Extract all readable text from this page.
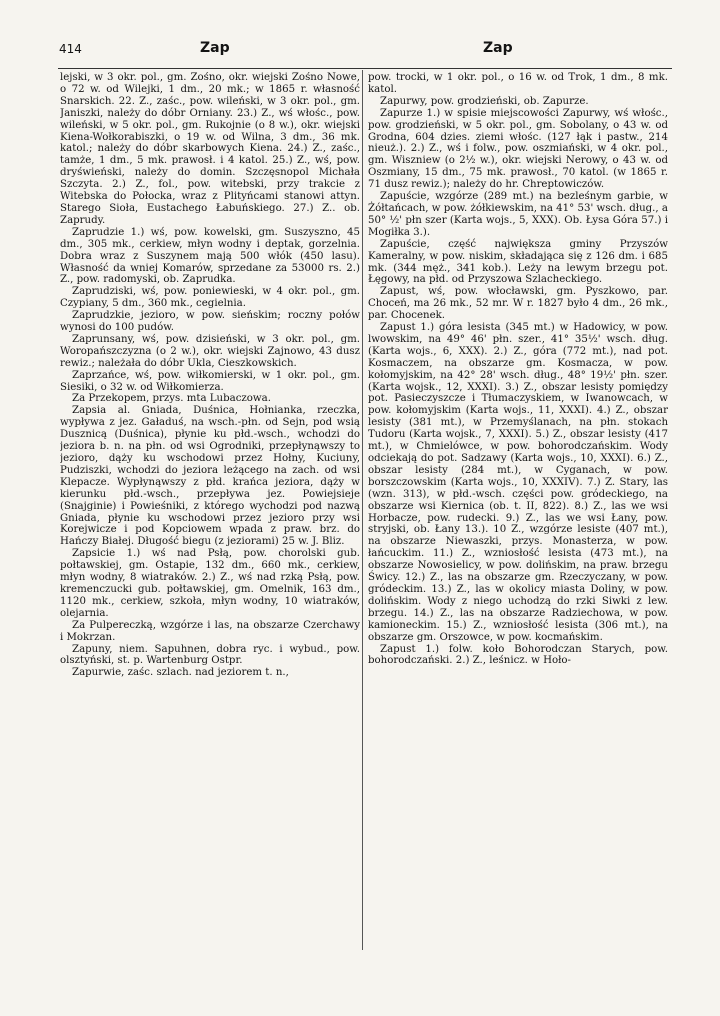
414	Zap	Zap

lejski, w 3 okr. pol., gm. Żośno, okr. wiejski Żośno Nowe, o 72 w. od Wilejki, 1 dm., 20 mk.; w 1865 r. własność Snarskich. 22. Z., zaśc., pow. wileński, w 3 okr. pol., gm. Janiszki, należy do dóbr Orniany. 23.) Z., wś włośc., pow. wileński, w 5 okr. pol., gm. Rukojnie (o 8 w.), okr. wiejski Kiena-Wołkorabiszki, o 19 w. od Wilna, 3 dm., 36 mk. katol.; należy do dóbr skarbowych Kiena. 24.) Z., zaśc., tamże, 1 dm., 5 mk. prawosł. i 4 katol. 25.) Z., wś, pow. dryświeński, należy do domin. Szczęsnopol Michała Szczyta. 2.) Z., fol., pow. witebski, przy trakcie z Witebska do Połocka, wraz z Plityńcami stanowi attyn. Starego Sioła, Eustachego Łabuńskiego. 27.) Z.. ob. Zaprudy.

Zaprudzie 1.) wś, pow. kowelski, gm. Suszyszno, 45 dm., 305 mk., cerkiew, młyn wodny i deptak, gorzelnia. Dobra wraz z Suszynem mają 500 włók (450 lasu). Własność da wniej Komarów, sprzedane za 53000 rs. 2.) Z., pow. radomyski, ob. Zaprudka.

Zaprudziski, wś, pow. poniewieski, w 4 okr. pol., gm. Czypiany, 5 dm., 360 mk., cegielnia.

Zaprudzkie, jezioro, w pow. sieńskim; roczny połów wynosi do 100 pudów.

Zaprunsany, wś, pow. dzisieński, w 3 okr. pol., gm. Woropańszczyzna (o 2 w.), okr. wiejski Zajnowo, 43 dusz rewiz.; należała do dóbr Ukla, Cieszkowskich.

Zaprzańce, wś, pow. wiłkomierski, w 1 okr. pol., gm. Siesiki, o 32 w. od Wiłkomierza.

Za Przekopem, przys. mta Lubaczowa.

Zapsia al. Gniada, Duśnica, Hołnianka, rzeczka, wypływa z jez. Gaładuś, na wsch.-płn. od Sejn, pod wsią Dusznicą (Duśnica), płynie ku płd.-wsch., wchodzi do jeziora b. n. na płn. od wsi Ogrodniki, przepłynąwszy to jezioro, dąży ku wschodowi przez Hołny, Kuciuny, Pudziszki, wchodzi do jeziora leżącego na zach. od wsi Klepacze. Wypłynąwszy z płd. krańca jeziora, dąży w kierunku płd.-wsch., przepływa jez. Powiejsieje (Snajginie) i Powieśniki, z którego wychodzi pod nazwą Gniada, płynie ku wschodowi przez jezioro przy wsi Korejwicze i pod Kopciowem wpada z praw. brz. do Hańczy Białej. Długość biegu (z jeziorami) 25 w. J. Bliz.

Zapsicie 1.) wś nad Psłą, pow. chorolski gub. połtawskiej, gm. Ostapie, 132 dm., 660 mk., cerkiew, młyn wodny, 8 wiatraków. 2.) Z., wś nad rzką Psłą, pow. kremenczucki gub. połtawskiej, gm. Omelnik, 163 dm., 1120 mk., cerkiew, szkoła, młyn wodny, 10 wiatraków, olejarnia.

Za Pulpereczką, wzgórze i las, na obszarze Czerchawy i Mokrzan.

Zapuny, niem. Sapuhnen, dobra ryc. i wybud., pow. olsztyński, st. p. Wartenburg Ostpr.

Zapurwie, zaśc. szlach. nad jeziorem t. n.,

pow. trocki, w 1 okr. pol., o 16 w. od Trok, 1 dm., 8 mk. katol.

Zapurwy, pow. grodzieński, ob. Zapurze.

Zapurze 1.) w spisie miejscowości Zapurwy, wś włośc., pow. grodzieński, w 5 okr. pol., gm. Sobolany, o 43 w. od Grodna, 604 dzies. ziemi włośc. (127 łąk i pastw., 214 nieuż.). 2.) Z., wś i folw., pow. oszmiański, w 4 okr. pol., gm. Wiszniew (o 2½ w.), okr. wiejski Nerowy, o 43 w. od Oszmiany, 15 dm., 75 mk. prawosł., 70 katol. (w 1865 r. 71 dusz rewiz.); należy do hr. Chreptowiczów.

Zapuście, wzgórze (289 mt.) na bezleśnym garbie, w Żółtańcach, w pow. żółkiewskim, na 41° 53' wsch. dług., a 50° ½' płn szer (Karta wojs., 5, XXX). Ob. Łysa Góra 57.) i Mogiłka 3.).

Zapuście, część największa gminy Przyszów Kameralny, w pow. niskim, składająca się z 126 dm. i 685 mk. (344 męż., 341 kob.). Leży na lewym brzegu pot. Łęgowy, na płd. od Przyszowa Szlacheckiego.

Zapust, wś, pow. włocławski, gm. Pyszkowo, par. Choceń, ma 26 mk., 52 mr. W r. 1827 było 4 dm., 26 mk., par. Chocenek.

Zapust 1.) góra lesista (345 mt.) w Hadowicy, w pow. lwowskim, na 49° 46' płn. szer., 41° 35½' wsch. dług. (Karta wojs., 6, XXX). 2.) Z., góra (772 mt.), nad pot. Kosmaczem, na obszarze gm. Kosmacza, w pow. kołomyjskim, na 42° 28' wsch. dług., 48° 19½' płn. szer. (Karta wojsk., 12, XXXI). 3.) Z., obszar lesisty pomiędzy pot. Pasieczyszcze i Tłumaczyskiem, w Iwanowcach, w pow. kołomyjskim (Karta wojs., 11, XXXI). 4.) Z., obszar lesisty (381 mt.), w Przemyślanach, na płn. stokach Tudoru (Karta wojsk., 7, XXXI). 5.) Z., obszar lesisty (417 mt.), w Chmielówce, w pow. bohorodczańskim. Wody odciekają do pot. Sadzawy (Karta wojs., 10, XXXI). 6.) Z., obszar lesisty (284 mt.), w Cyganach, w pow. borszczowskim (Karta wojs., 10, XXXIV). 7.) Z. Stary, las (wzn. 313), w płd.-wsch. części pow. gródeckiego, na obszarze wsi Kiernica (ob. t. II, 822). 8.) Z., las we wsi Horbacze, pow. rudecki. 9.) Z., las we wsi Łany, pow. stryjski, ob. Łany 13.). 10 Z., wzgórze lesiste (407 mt.), na obszarze Niewaszki, przys. Monasterza, w pow. łańcuckim. 11.) Z., wzniosłość lesista (473 mt.), na obszarze Nowosielicy, w pow. dolińskim, na praw. brzegu Świcy. 12.) Z., las na obszarze gm. Rzeczyczany, w pow. gródeckim. 13.) Z., las w okolicy miasta Doliny, w pow. dolińskim. Wody z niego uchodzą do rzki Siwki z lew. brzegu. 14.) Z., las na obszarze Radziechowa, w pow. kamioneckim. 15.) Z., wzniosłość lesista (306 mt.), na obszarze gm. Orszowce, w pow. kocmańskim.

Zapust 1.) folw. koło Bohorodczan Starych, pow. bohorodczański. 2.) Z., leśnicz. w Hoło-
